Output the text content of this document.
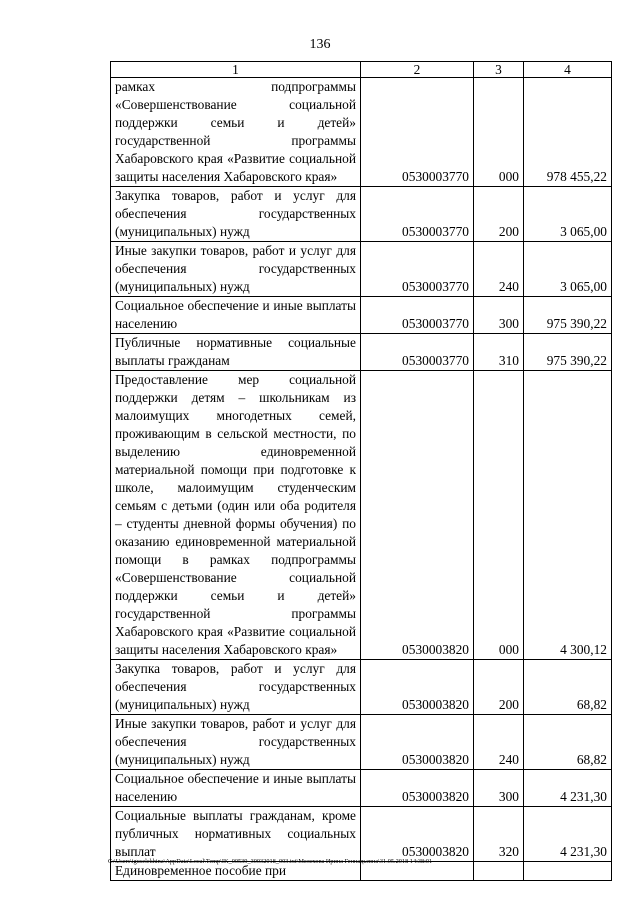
136
1	2	3	4
рамках подпрограммы «Совершенствование социальной поддержки семьи и детей» государственной программы Хабаровского края «Развитие социальной защиты населения Хабаровского края»	0530003770	000	978 455,22
Закупка товаров, работ и услуг для обеспечения государственных (муниципальных) нужд	0530003770	200	3 065,00
Иные закупки товаров, работ и услуг для обеспечения государственных (муниципальных) нужд	0530003770	240	3 065,00
Социальное обеспечение и иные выплаты населению	0530003770	300	975 390,22
Публичные нормативные социальные выплаты гражданам	0530003770	310	975 390,22
Предоставление мер социальной поддержки детям – школьникам из малоимущих многодетных семей, проживающим в сельской местности, по выделению единовременной материальной помощи при подготовке к школе, малоимущим студенческим семьям с детьми (один или оба родителя – студенты дневной формы обучения) по оказанию единовременной материальной помощи в рамках подпрограммы «Совершенствование социальной поддержки семьи и детей» государственной программы Хабаровского края «Развитие социальной защиты населения Хабаровского края»	0530003820	000	4 300,12
Закупка товаров, работ и услуг для обеспечения государственных (муниципальных) нужд	0530003820	200	68,82
Иные закупки товаров, работ и услуг для обеспечения государственных (муниципальных) нужд	0530003820	240	68,82
Социальное обеспечение и иные выплаты населению	0530003820	300	4 231,30
Социальные выплаты гражданам, кроме публичных нормативных социальных выплат	0530003820	320	4 231,30
Единовременное пособие при			
C:\Users\iguselekhina\AppData\Local\Temp\IK_00539_30032018_003.txt\Мелехова Ирина Геннадьевна\31.05.2018 14:38:01
